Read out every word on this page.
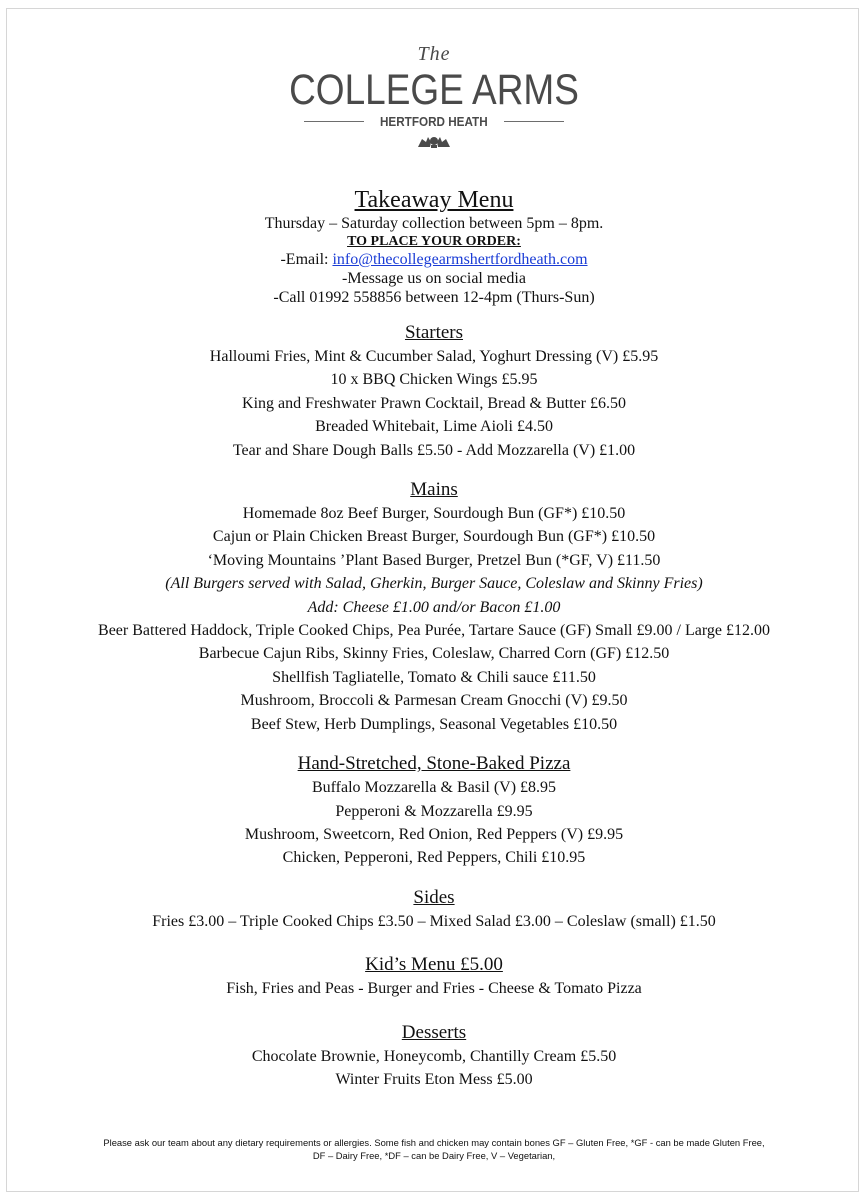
The
COLLEGE ARMS
HERTFORD HEATH
Takeaway Menu
Thursday – Saturday collection between 5pm – 8pm.
TO PLACE YOUR ORDER:
-Email: info@thecollegearmshertfordheath.com
-Message us on social media
-Call 01992 558856 between 12-4pm (Thurs-Sun)
Starters
Halloumi Fries, Mint & Cucumber Salad, Yoghurt Dressing (V) £5.95
10 x BBQ Chicken Wings £5.95
King and Freshwater Prawn Cocktail, Bread & Butter £6.50
Breaded Whitebait, Lime Aioli £4.50
Tear and Share Dough Balls £5.50 - Add Mozzarella (V) £1.00
Mains
Homemade 8oz Beef Burger, Sourdough Bun (GF*) £10.50
Cajun or Plain Chicken Breast Burger, Sourdough Bun (GF*) £10.50
‘Moving Mountains ’Plant Based Burger, Pretzel Bun (*GF, V) £11.50
(All Burgers served with Salad, Gherkin, Burger Sauce, Coleslaw and Skinny Fries)
Add: Cheese £1.00 and/or Bacon £1.00
Beer Battered Haddock, Triple Cooked Chips, Pea Purée, Tartare Sauce (GF) Small £9.00 / Large £12.00
Barbecue Cajun Ribs, Skinny Fries, Coleslaw, Charred Corn (GF) £12.50
Shellfish Tagliatelle, Tomato & Chili sauce £11.50
Mushroom, Broccoli & Parmesan Cream Gnocchi (V) £9.50
Beef Stew, Herb Dumplings, Seasonal Vegetables £10.50
Hand-Stretched, Stone-Baked Pizza
Buffalo Mozzarella & Basil (V) £8.95
Pepperoni & Mozzarella £9.95
Mushroom, Sweetcorn, Red Onion, Red Peppers (V) £9.95
Chicken, Pepperoni, Red Peppers, Chili £10.95
Sides
Fries £3.00 – Triple Cooked Chips £3.50 – Mixed Salad £3.00 – Coleslaw (small) £1.50
Kid’s Menu £5.00
Fish, Fries and Peas - Burger and Fries - Cheese & Tomato Pizza
Desserts
Chocolate Brownie, Honeycomb, Chantilly Cream £5.50
Winter Fruits Eton Mess £5.00
Please ask our team about any dietary requirements or allergies. Some fish and chicken may contain bones GF – Gluten Free, *GF - can be made Gluten Free,
DF – Dairy Free, *DF – can be Dairy Free, V – Vegetarian,
